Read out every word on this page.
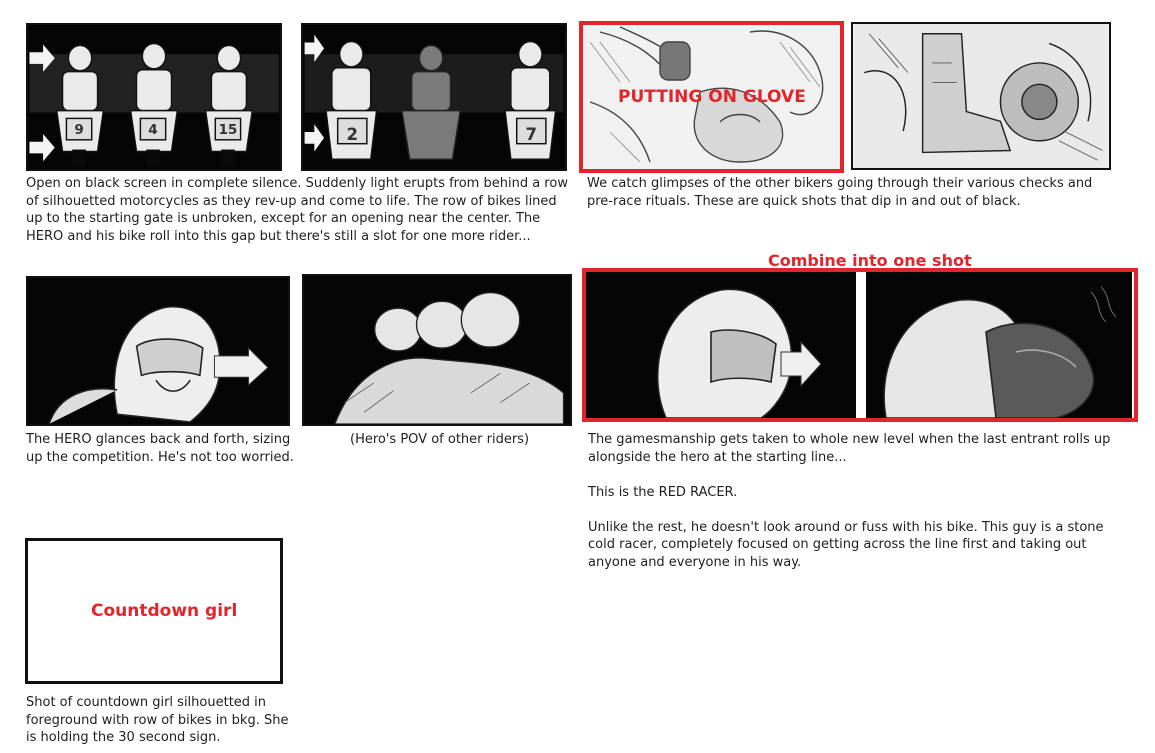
9	4	15	2	7
PUTTING ON GLOVE
Open on black screen in complete silence. Suddenly light erupts from behind a row of silhouetted motorcycles as they rev-up and come to life. The row of bikes lined up to the starting gate is unbroken, except for an opening near the center. The HERO and his bike roll into this gap but there's still a slot for one more rider...
We catch glimpses of the other bikers going through their various checks and pre-race rituals. These are quick shots that dip in and out of black.
Combine into one shot
The HERO glances back and forth, sizing up the competition. He's not too worried.
(Hero's POV of other riders)	The gamesmanship gets taken to whole new level when the last entrant rolls up alongside the hero at the starting line...

This is the RED RACER.

Unlike the rest, he doesn't look around or fuss with his bike. This guy is a stone cold racer, completely focused on getting across the line first and taking out anyone and everyone in his way.

Countdown girl
Shot of countdown girl silhouetted in foreground with row of bikes in bkg. She is holding the 30 second sign.
